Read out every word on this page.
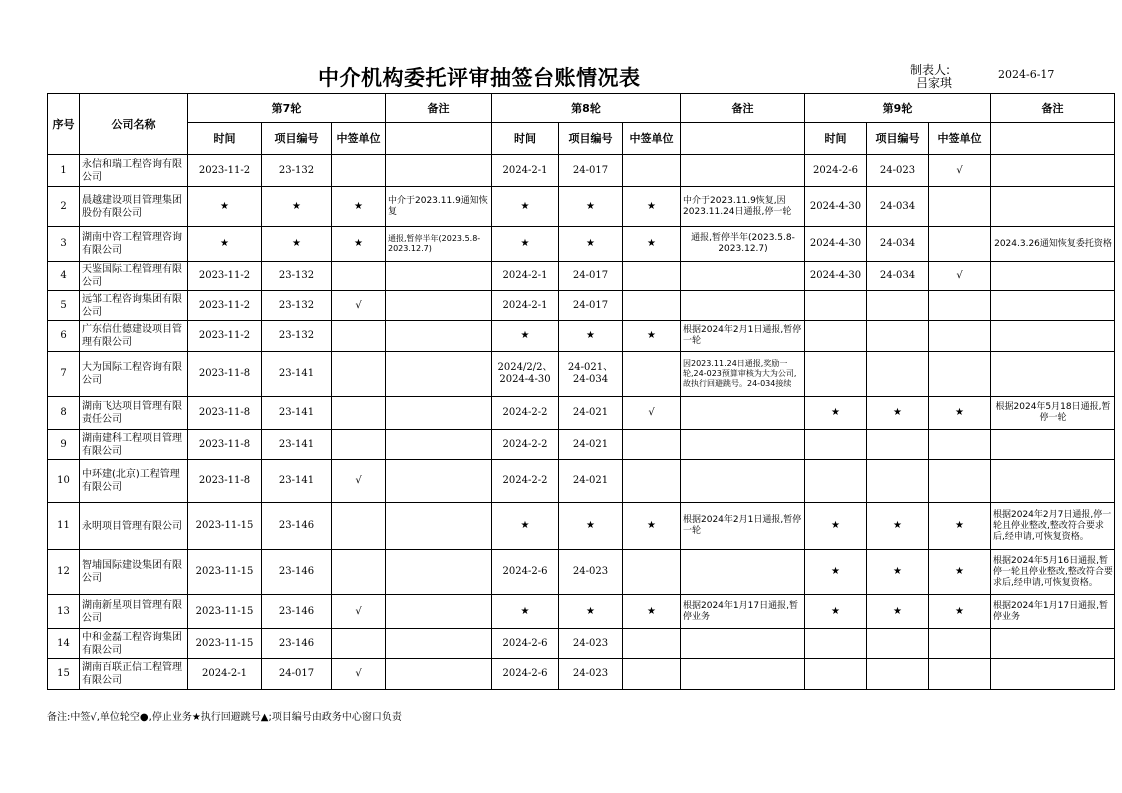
中介机构委托评审抽签台账情况表	制表人:
吕家琪
2024-6-17
序号	公司名称	第7轮			备注	第8轮			备注	第9轮			备注
		时间	项目编号	中签单位		时间	项目编号	中签单位		时间	项目编号	中签单位	
1	永信和瑞工程咨询有限公司	2023-11-2	23-132			2024-2-1	24-017			2024-2-6	24-023	√	
2	晨越建设项目管理集团股份有限公司	★	★	★	中介于2023.11.9通知恢复	★	★	★	中介于2023.11.9恢复,因2023.11.24日通报,停一轮	2024-4-30	24-034		
3	湖南中咨工程管理咨询有限公司	★	★	★	通报,暂停半年(2023.5.8-2023.12.7)	★	★	★	通报,暂停半年(2023.5.8-2023.12.7)	2024-4-30	24-034		2024.3.26通知恢复委托资格
4	天鉴国际工程管理有限公司	2023-11-2	23-132			2024-2-1	24-017			2024-4-30	24-034	√	
5	远邹工程咨询集团有限公司	2023-11-2	23-132	√		2024-2-1	24-017						
6	广东信仕德建设项目管理有限公司	2023-11-2	23-132			★	★	★	根据2024年2月1日通报,暂停一轮				
7	大为国际工程咨询有限公司	2023-11-8	23-141			2024/2/2、2024-4-30	24-021、24-034		因2023.11.24日通报,奖励一轮,24-023预算审核为大为公司,故执行回避跳号。24-034接续				
8	湖南飞达项目管理有限责任公司	2023-11-8	23-141			2024-2-2	24-021	√		★	★	★	根据2024年5月18日通报,暂停一轮
9	湖南建科工程项目管理有限公司	2023-11-8	23-141			2024-2-2	24-021						
10	中环建(北京)工程管理有限公司	2023-11-8	23-141	√		2024-2-2	24-021						
11	永明项目管理有限公司	2023-11-15	23-146			★	★	★	根据2024年2月1日通报,暂停一轮	★	★	★	根据2024年2月7日通报,停一轮且停业整改,整改符合要求后,经申请,可恢复资格。
12	智埔国际建设集团有限公司	2023-11-15	23-146			2024-2-6	24-023			★	★	★	根据2024年5月16日通报,暂停一轮且停业整改,整改符合要求后,经申请,可恢复资格。
13	湖南新星项目管理有限公司	2023-11-15	23-146	√		★	★	★	根据2024年1月17日通报,暂停业务	★	★	★	根据2024年1月17日通报,暂停业务
14	中和金磊工程咨询集团有限公司	2023-11-15	23-146			2024-2-6	24-023						
15	湖南百联正信工程管理有限公司	2024-2-1	24-017	√		2024-2-6	24-023						
备注:中签√,单位轮空●,停止业务★执行回避跳号▲;项目编号由政务中心窗口负责
